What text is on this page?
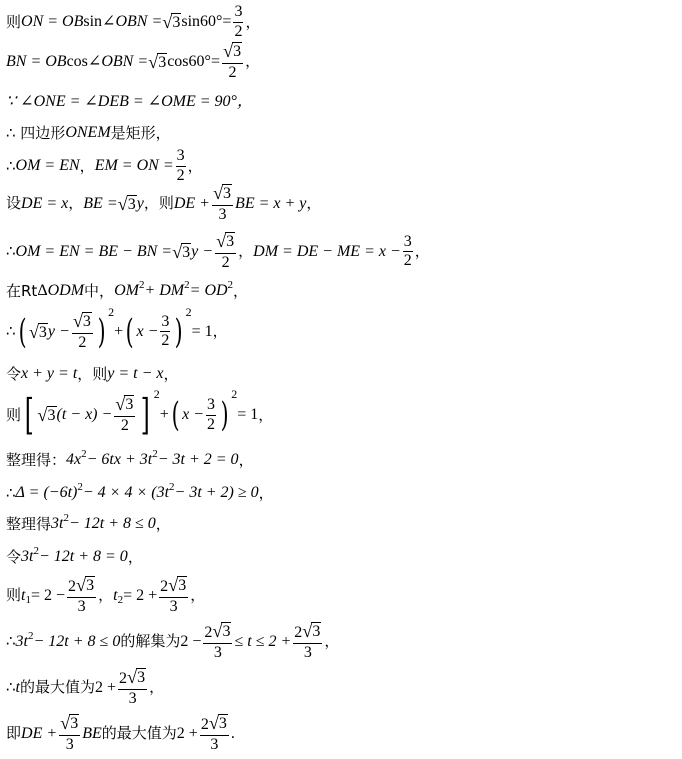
则 ON = OB sin ∠ OBN = √ 3 $\sin 60^\circ = \frac{3}{2}$ ，
BN = OB cos ∠ OBN = √ 3 $\cos 60^\circ = \frac{√ 3}{2}$ ，
∵ ∠ONE = ∠DEB = ∠OME = 90°，
∴ 四边形 ONEM 是矩形，
∴ OM = EN ， EM = ON = $\frac{3}{2}$ ，
设 DE = x ， BE = √ 3 y ，则 DE + $\frac{√ 3}{3}$ BE = x + y ，
∴ OM = EN = BE − BN = √ 3 $y - \frac{√ 3}{2}$ ， DM = DE − ME = $x - \frac{3}{2}$ ，
在Rt Δ ODM 中， $OM^2 + DM^2 = OD^2$ ，
∴ ( √ 3 $y - \frac{√ 3}{2}$ ) 2
+ ( $x - \frac{3}{2}$ ) 2
= 1 ，
令 x + y = t ，则 y = t − x ，
则 [ √ 3 $(t - x) - \frac{√ 3}{2}$ ] 2
+ ( $x - \frac{3}{2}$ )
2
= 1 ，
整理得： $4x^2 - 6tx + 3t^2 - 3t + 2 = 0$ ，
∴ $\Delta = (-6t)^2 - 4 \times 4 \times (3t^2 - 3t + 2) \ge 0$ ，
整理得 $3t^2 - 12t + 8 \le 0$ ，
令 $3t^2 - 12t + 8 = 0$ ，
则 $t_1 = 2 - \frac{2 √ 3}{3}$ ， $t_2 = 2 + \frac{2 √ 3}{3}$ ，
∴ $3t^2 - 12t + 8 \le 0$ 的解集为 $2 - \frac{2 √ 3}{3} \le t \le 2 + \frac{2 √ 3}{3}$ ，
∴ t 的最大值为 $2 + \frac{2 √ 3}{3}$ ，
即 DE + $\frac{√ 3}{3}$ BE 的最大值为 $2 + \frac{2 √ 3}{3}$ .
